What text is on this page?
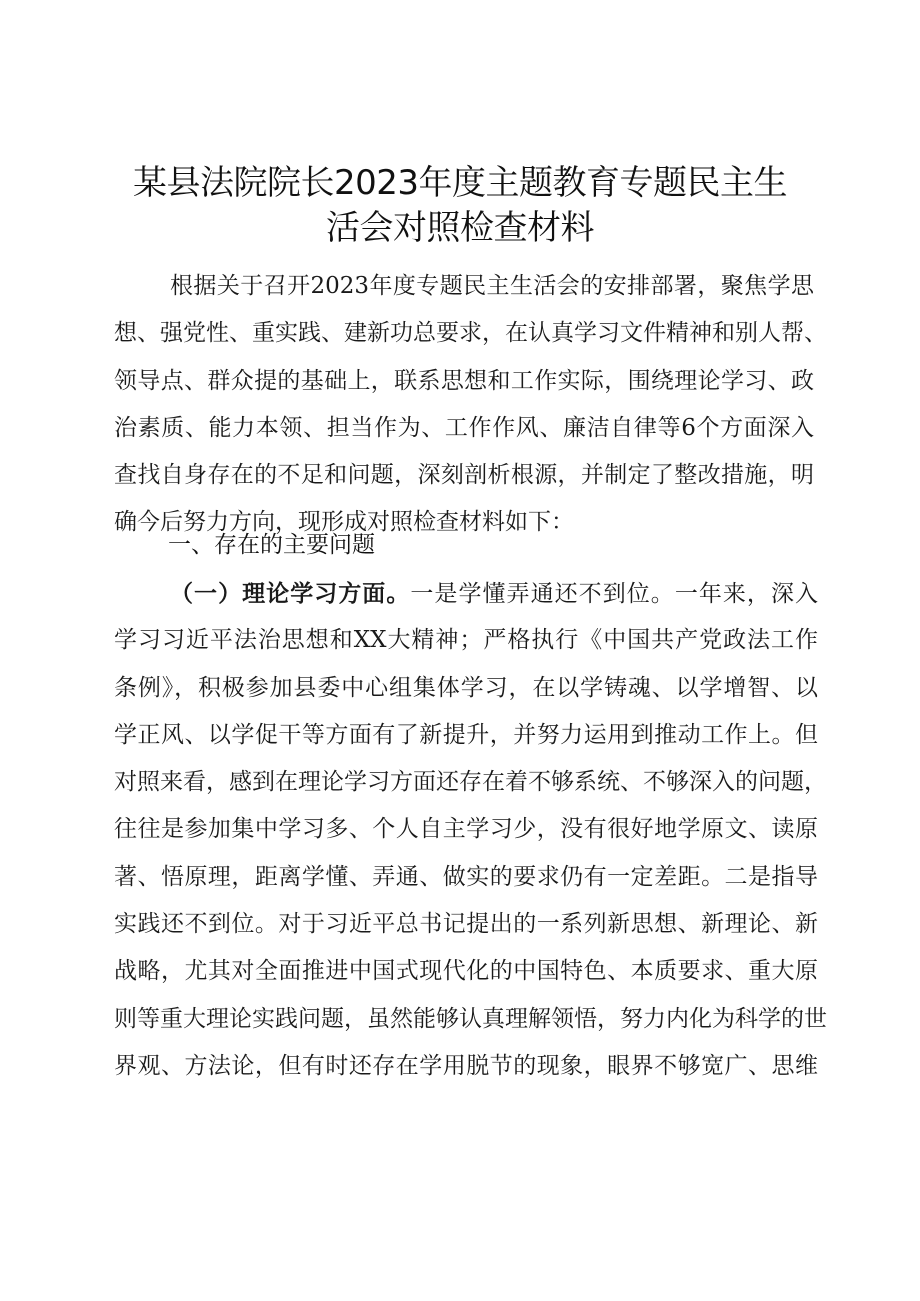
某县法院院长2023年度主题教育专题民主生
活会对照检查材料
根据关于召开2023年度专题民主生活会的安排部署，聚焦学思
想、强党性、重实践、建新功总要求，在认真学习文件精神和别人帮、
领导点、群众提的基础上，联系思想和工作实际，围绕理论学习、政
治素质、能力本领、担当作为、工作作风、廉洁自律等6个方面深入
查找自身存在的不足和问题，深刻剖析根源，并制定了整改措施，明
确今后努力方向，现形成对照检查材料如下：
一、存在的主要问题
（一）理论学习方面。一是学懂弄通还不到位。一年来，深入
学习习近平法治思想和XX大精神；严格执行《中国共产党政法工作
条例》，积极参加县委中心组集体学习，在以学铸魂、以学增智、以
学正风、以学促干等方面有了新提升，并努力运用到推动工作上。但
对照来看，感到在理论学习方面还存在着不够系统、不够深入的问题，
往往是参加集中学习多、个人自主学习少，没有很好地学原文、读原
著、悟原理，距离学懂、弄通、做实的要求仍有一定差距。二是指导
实践还不到位。对于习近平总书记提出的一系列新思想、新理论、新
战略，尤其对全面推进中国式现代化的中国特色、本质要求、重大原
则等重大理论实践问题，虽然能够认真理解领悟，努力内化为科学的世
界观、方法论，但有时还存在学用脱节的现象，眼界不够宽广、思维
